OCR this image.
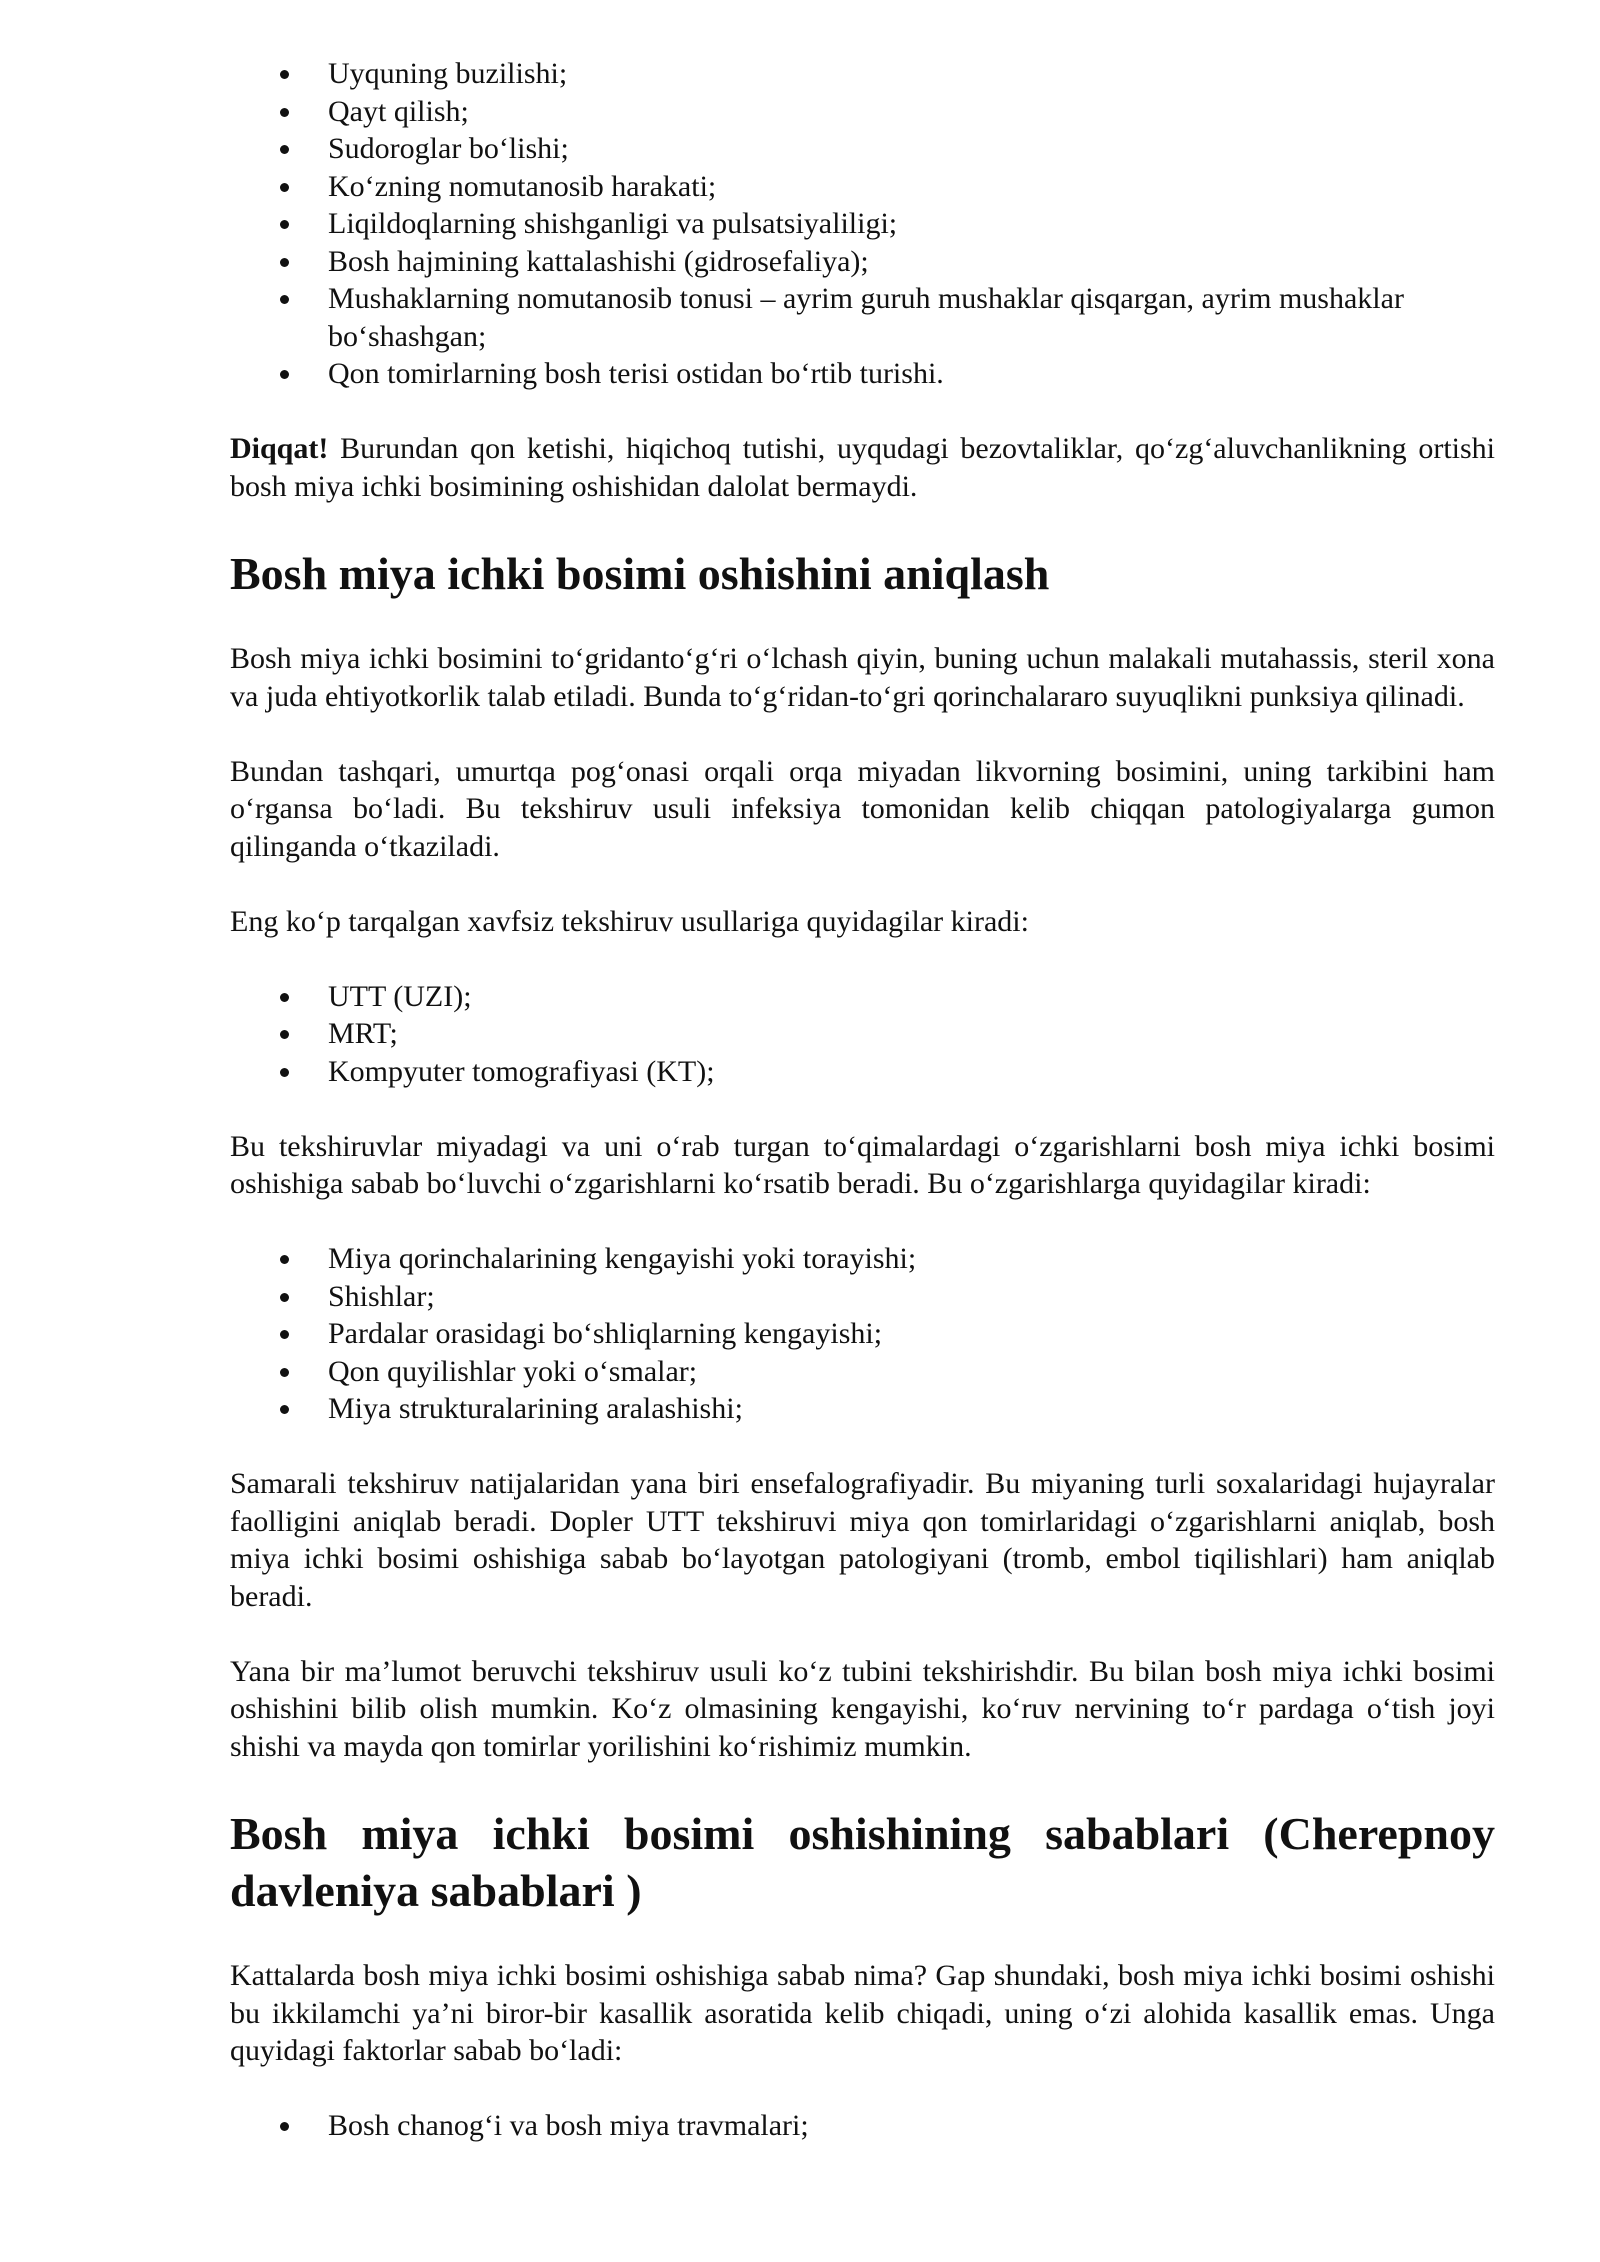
Uyquning buzilishi;
Qayt qilish;
Sudoroglar bo‘lishi;
Ko‘zning nomutanosib harakati;
Liqildoqlarning shishganligi va pulsatsiyaliligi;
Bosh hajmining kattalashishi (gidrosefaliya);
Mushaklarning nomutanosib tonusi – ayrim guruh mushaklar qisqargan, ayrim mushaklar bo‘shashgan;
Qon tomirlarning bosh terisi ostidan bo‘rtib turishi.

Diqqat! Burundan qon ketishi, hiqichoq tutishi, uyqudagi bezovtaliklar, qo‘zg‘aluvchanlikning ortishi bosh miya ichki bosimining oshishidan dalolat bermaydi.

Bosh miya ichki bosimi oshishini aniqlash

Bosh miya ichki bosimini to‘gridanto‘g‘ri o‘lchash qiyin, buning uchun malakali mutahassis, steril xona va juda ehtiyotkorlik talab etiladi. Bunda to‘g‘ridan-to‘gri qorinchalararo suyuqlikni punksiya qilinadi.

Bundan tashqari, umurtqa pog‘onasi orqali orqa miyadan likvorning bosimini, uning tarkibini ham o‘rgansa bo‘ladi. Bu tekshiruv usuli infeksiya tomonidan kelib chiqqan patologiyalarga gumon qilinganda o‘tkaziladi.

Eng ko‘p tarqalgan xavfsiz tekshiruv usullariga quyidagilar kiradi:

UTT (UZI);
MRT;
Kompyuter tomografiyasi (KT);

Bu tekshiruvlar miyadagi va uni o‘rab turgan to‘qimalardagi o‘zgarishlarni bosh miya ichki bosimi oshishiga sabab bo‘luvchi o‘zgarishlarni ko‘rsatib beradi. Bu o‘zgarishlarga quyidagilar kiradi:

Miya qorinchalarining kengayishi yoki torayishi;
Shishlar;
Pardalar orasidagi bo‘shliqlarning kengayishi;
Qon quyilishlar yoki o‘smalar;
Miya strukturalarining aralashishi;

Samarali tekshiruv natijalaridan yana biri ensefalografiyadir. Bu miyaning turli soxalaridagi hujayralar faolligini aniqlab beradi. Dopler UTT tekshiruvi miya qon tomirlaridagi o‘zgarishlarni aniqlab, bosh miya ichki bosimi oshishiga sabab bo‘layotgan patologiyani (tromb, embol tiqilishlari) ham aniqlab beradi.

Yana bir ma’lumot beruvchi tekshiruv usuli ko‘z tubini tekshirishdir. Bu bilan bosh miya ichki bosimi oshishini bilib olish mumkin. Ko‘z olmasining kengayishi, ko‘ruv nervining to‘r pardaga o‘tish joyi shishi va mayda qon tomirlar yorilishini ko‘rishimiz mumkin.

Bosh miya ichki bosimi oshishining sabablari (Cherepnoy davleniya sabablari )

Kattalarda bosh miya ichki bosimi oshishiga sabab nima? Gap shundaki, bosh miya ichki bosimi oshishi bu ikkilamchi ya’ni biror-bir kasallik asoratida kelib chiqadi, uning o‘zi alohida kasallik emas. Unga quyidagi faktorlar sabab bo‘ladi:

Bosh chanog‘i va bosh miya travmalari;
